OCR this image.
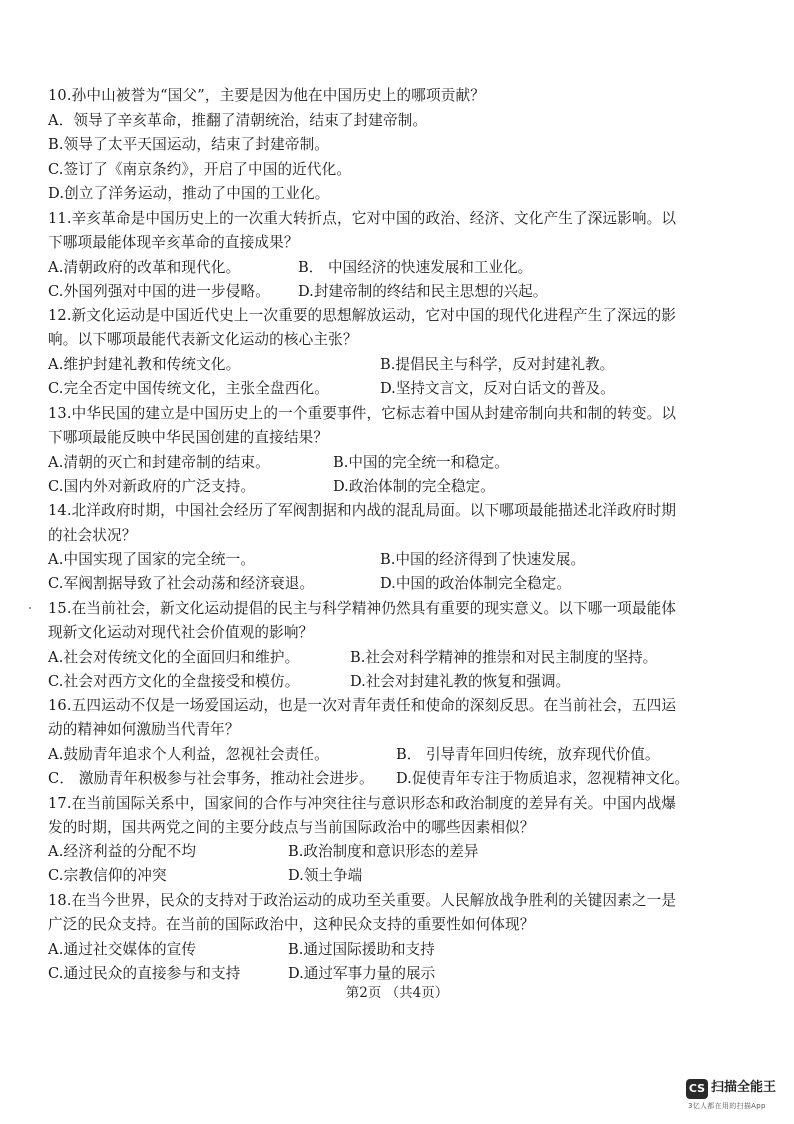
10.孙中山被誉为“国父”，主要是因为他在中国历史上的哪项贡献？
A．领导了辛亥革命，推翻了清朝统治，结束了封建帝制。
B.领导了太平天国运动，结束了封建帝制。
C.签订了《南京条约》，开启了中国的近代化。
D.创立了洋务运动，推动了中国的工业化。
11.辛亥革命是中国历史上的一次重大转折点，它对中国的政治、经济、文化产生了深远影响。以
下哪项最能体现辛亥革命的直接成果？
A.清朝政府的改革和现代化。	B． 中国经济的快速发展和工业化。
C.外国列强对中国的进一步侵略。 D.封建帝制的终结和民主思想的兴起。
12.新文化运动是中国近代史上一次重要的思想解放运动，它对中国的现代化进程产生了深远的影
响。以下哪项最能代表新文化运动的核心主张？
A.维护封建礼教和传统文化。	B.提倡民主与科学，反对封建礼教。
C.完全否定中国传统文化，主张全盘西化。	D.坚持文言文，反对白话文的普及。
13.中华民国的建立是中国历史上的一个重要事件，它标志着中国从封建帝制向共和制的转变。以
下哪项最能反映中华民国创建的直接结果？
A.清朝的灭亡和封建帝制的结束。	B.中国的完全统一和稳定。
C.国内外对新政府的广泛支持。	D.政治体制的完全稳定。
14.北洋政府时期，中国社会经历了军阀割据和内战的混乱局面。以下哪项最能描述北洋政府时期
的社会状况？
A.中国实现了国家的完全统一。	B.中国的经济得到了快速发展。
C.军阀割据导致了社会动荡和经济衰退。	D.中国的政治体制完全稳定。
15.在当前社会，新文化运动提倡的民主与科学精神仍然具有重要的现实意义。以下哪一项最能体
现新文化运动对现代社会价值观的影响？
A.社会对传统文化的全面回归和维护。	B.社会对科学精神的推崇和对民主制度的坚持。
C.社会对西方文化的全盘接受和模仿。	D.社会对封建礼教的恢复和强调。
16.五四运动不仅是一场爱国运动，也是一次对青年责任和使命的深刻反思。在当前社会，五四运
动的精神如何激励当代青年？
A.鼓励青年追求个人利益，忽视社会责任。	B． 引导青年回归传统，放弃现代价值。
C． 激励青年积极参与社会事务，推动社会进步。 D.促使青年专注于物质追求，忽视精神文化。
17.在当前国际关系中，国家间的合作与冲突往往与意识形态和政治制度的差异有关。中国内战爆
发的时期，国共两党之间的主要分歧点与当前国际政治中的哪些因素相似？
A.经济利益的分配不均	B.政治制度和意识形态的差异
C.宗教信仰的冲突	D.领土争端
18.在当今世界，民众的支持对于政治运动的成功至关重要。人民解放战争胜利的关键因素之一是
广泛的民众支持。在当前的国际政治中，这种民众支持的重要性如何体现？
A.通过社交媒体的宣传	B.通过国际援助和支持
C.通过民众的直接参与和支持	D.通过军事力量的展示
第2页 （共4页）
CS 扫描全能王
3亿人都在用的扫描App
